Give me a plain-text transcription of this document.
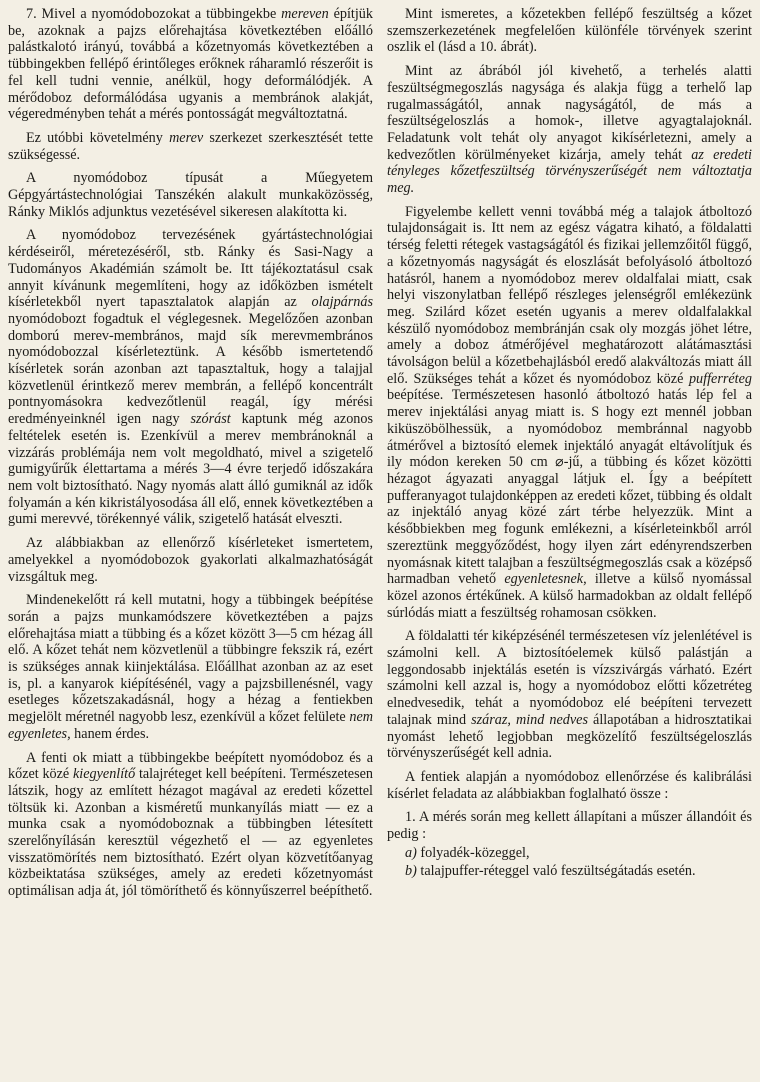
7. Mivel a nyomódobozokat a tübbingekbe mereven építjük be, azoknak a pajzs előrehajtása következtében előálló palástkalotó irányú, továbbá a kőzetnyomás következtében a tübbingekben fellépő érintőleges erőknek ráharamló részerőit is fel kell tudni vennie, anélkül, hogy deformálódjék. A mérődoboz deformálódása ugyanis a membránok alakját, végeredményben tehát a mérés pontosságát megváltoztatná.

Ez utóbbi követelmény merev szerkezet szerkesztését tette szükségessé.

A nyomódoboz típusát a Műegyetem Gépgyártástechnológiai Tanszékén alakult munkaközösség, Ránky Miklós adjunktus vezetésével sikeresen alakította ki.

A nyomódoboz tervezésének gyártástechnológiai kérdéseiről, méretezéséről, stb. Ránky és Sasi-Nagy a Tudományos Akadémián számolt be. Itt tájékoztatásul csak annyit kívánunk megemlíteni, hogy az időközben ismételt kísérletekből nyert tapasztalatok alapján az olajpárnás nyomódobozt fogadtuk el véglegesnek. Megelőzően azonban domború merev-membrános, majd sík merevmembrános nyomódobozzal kísérleteztünk. A később ismertetendő kísérletek során azonban azt tapasztaltuk, hogy a talajjal közvetlenül érintkező merev membrán, a fellépő koncentrált pontnyomásokra kedvezőtlenül reagál, így mérési eredményeinknél igen nagy szórást kaptunk még azonos feltételek esetén is. Ezenkívül a merev membránoknál a vizzárás problémája nem volt megoldható, mivel a szigetelő gumigyűrűk élettartama a mérés 3—4 évre terjedő időszakára nem volt biztosítható. Nagy nyomás alatt álló gumiknál az idők folyamán a kén kikristályosodása áll elő, ennek következtében a gumi merevvé, törékennyé válik, szigetelő hatását elveszti.

Az alábbiakban az ellenőrző kísérleteket ismertetem, amelyekkel a nyomódobozok gyakorlati alkalmazhatóságát vizsgáltuk meg.

Mindenekelőtt rá kell mutatni, hogy a tübbingek beépítése során a pajzs munkamódszere következtében a pajzs előrehajtása miatt a tübbing és a kőzet között 3—5 cm hézag áll elő. A kőzet tehát nem közvetlenül a tübbingre fekszik rá, ezért is szükséges annak kiinjektálása. Előállhat azonban az az eset is, pl. a kanyarok kiépítésénél, vagy a pajzsbillenésnél, vagy esetleges kőzetszakadásnál, hogy a hézag a fentiekben megjelölt méretnél nagyobb lesz, ezenkívül a kőzet felülete nem egyenletes, hanem érdes.

A fenti ok miatt a tübbingekbe beépített nyomódoboz és a kőzet közé kiegyenlítő talajréteget kell beépíteni. Természetesen látszik, hogy az említett hézagot magával az eredeti kőzettel töltsük ki. Azonban a kisméretű munkanyílás miatt — ez a munka csak a nyomódoboznak a tübbingben létesített szerelőnyílásán keresztül végezhető el — az egyenletes visszatömörítés nem biztosítható. Ezért olyan közvetítőanyag közbeiktatása szükséges, amely az eredeti kőzetnyomást optimálisan adja át, jól tömöríthető és könnyűszerrel beépíthető.

Mint ismeretes, a kőzetekben fellépő feszültség a kőzet szemszerkezetének megfelelően különféle törvények szerint oszlik el (lásd a 10. ábrát).

Mint az ábrából jól kivehető, a terhelés alatti feszültségmegoszlás nagysága és alakja függ a terhelő lap rugalmasságától, annak nagyságától, de más a feszültségeloszlás a homok-, illetve agyagtalajoknál. Feladatunk volt tehát oly anyagot kikísérletezni, amely a kedvezőtlen körülményeket kizárja, amely tehát az eredeti tényleges kőzetfeszültség törvényszerűségét nem változtatja meg.

Figyelembe kellett venni továbbá még a talajok átboltozó tulajdonságait is. Itt nem az egész vágatra kiható, a földalatti térség feletti rétegek vastagságától és fizikai jellemzőitől függő, a kőzetnyomás nagyságát és eloszlását befolyásoló átboltozó hatásról, hanem a nyomódoboz merev oldalfalai miatt, csak helyi viszonylatban fellépő részleges jelenségről emlékezünk meg. Szilárd kőzet esetén ugyanis a merev oldalfalakkal készülő nyomódoboz membránján csak oly mozgás jöhet létre, amely a doboz átmérőjével meghatározott alátámasztási távolságon belül a kőzetbehajlásból eredő alakváltozás miatt áll elő. Szükséges tehát a kőzet és nyomódoboz közé pufferréteg beépítése. Természetesen hasonló átboltozó hatás lép fel a merev injektálási anyag miatt is. S hogy ezt mennél jobban kiküszöbölhessük, a nyomódoboz membránnal nagyobb átmérővel a biztosító elemek injektáló anyagát eltávolítjuk és ily módon kereken 50 cm ⌀-jű, a tübbing és kőzet közötti hézagot ágyazati anyaggal látjuk el. Így a beépített pufferanyagot tulajdonképpen az eredeti kőzet, tübbing és oldalt az injektáló anyag közé zárt térbe helyezzük. Mint a későbbiekben meg fogunk emlékezni, a kísérleteinkből arról szereztünk meggyőződést, hogy ilyen zárt edényrendszerben nyomásnak kitett talajban a feszültségmegoszlás csak a középső harmadban vehető egyenletesnek, illetve a külső nyomással közel azonos értékűnek. A külső harmadokban az oldalt fellépő súrlódás miatt a feszültség rohamosan csökken.

A földalatti tér kiképzésénél természetesen víz jelenlétével is számolni kell. A biztosítóelemek külső palástján a leggondosabb injektálás esetén is vízszivárgás várható. Ezért számolni kell azzal is, hogy a nyomódoboz előtti kőzetréteg elnedvesedik, tehát a nyomódoboz elé beépíteni tervezett talajnak mind száraz, mind nedves állapotában a hidrosztatikai nyomást lehető legjobban megközelítő feszültségeloszlás törvényszerűségét kell adnia.

A fentiek alapján a nyomódoboz ellenőrzése és kalibrálási kísérlet feladata az alábbiakban foglalható össze :

1. A mérés során meg kellett állapítani a műszer állandóit és pedig :

a) folyadék-közeggel,

b) talajpuffer-réteggel való feszültségátadás esetén.
